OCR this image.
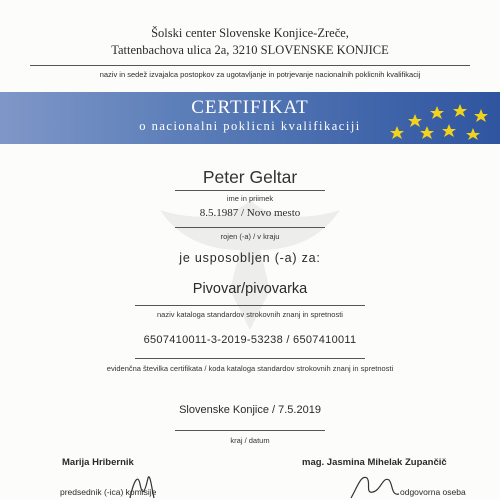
Šolski center Slovenske Konjice-Zreče,
Tattenbachova ulica 2a, 3210 SLOVENSKE KONJICE
naziv in sedež izvajalca postopkov za ugotavljanje in potrjevanje nacionalnih poklicnih kvalifikacij
CERTIFIKAT
o nacionalni poklicni kvalifikaciji
Peter Geltar
ime in priimek
8.5.1987 / Novo mesto
rojen (-a) / v kraju
je usposobljen (-a) za:
Pivovar/pivovarka
naziv kataloga standardov strokovnih znanj in spretnosti
6507410011-3-2019-53238 / 6507410011
evidenčna številka certifikata / koda kataloga standardov strokovnih znanj in spretnosti
Slovenske Konjice / 7.5.2019
kraj / datum
Marija Hribernik	mag. Jasmina Mihelak Zupančič
predsednik (-ica) komisije	odgovorna oseba
